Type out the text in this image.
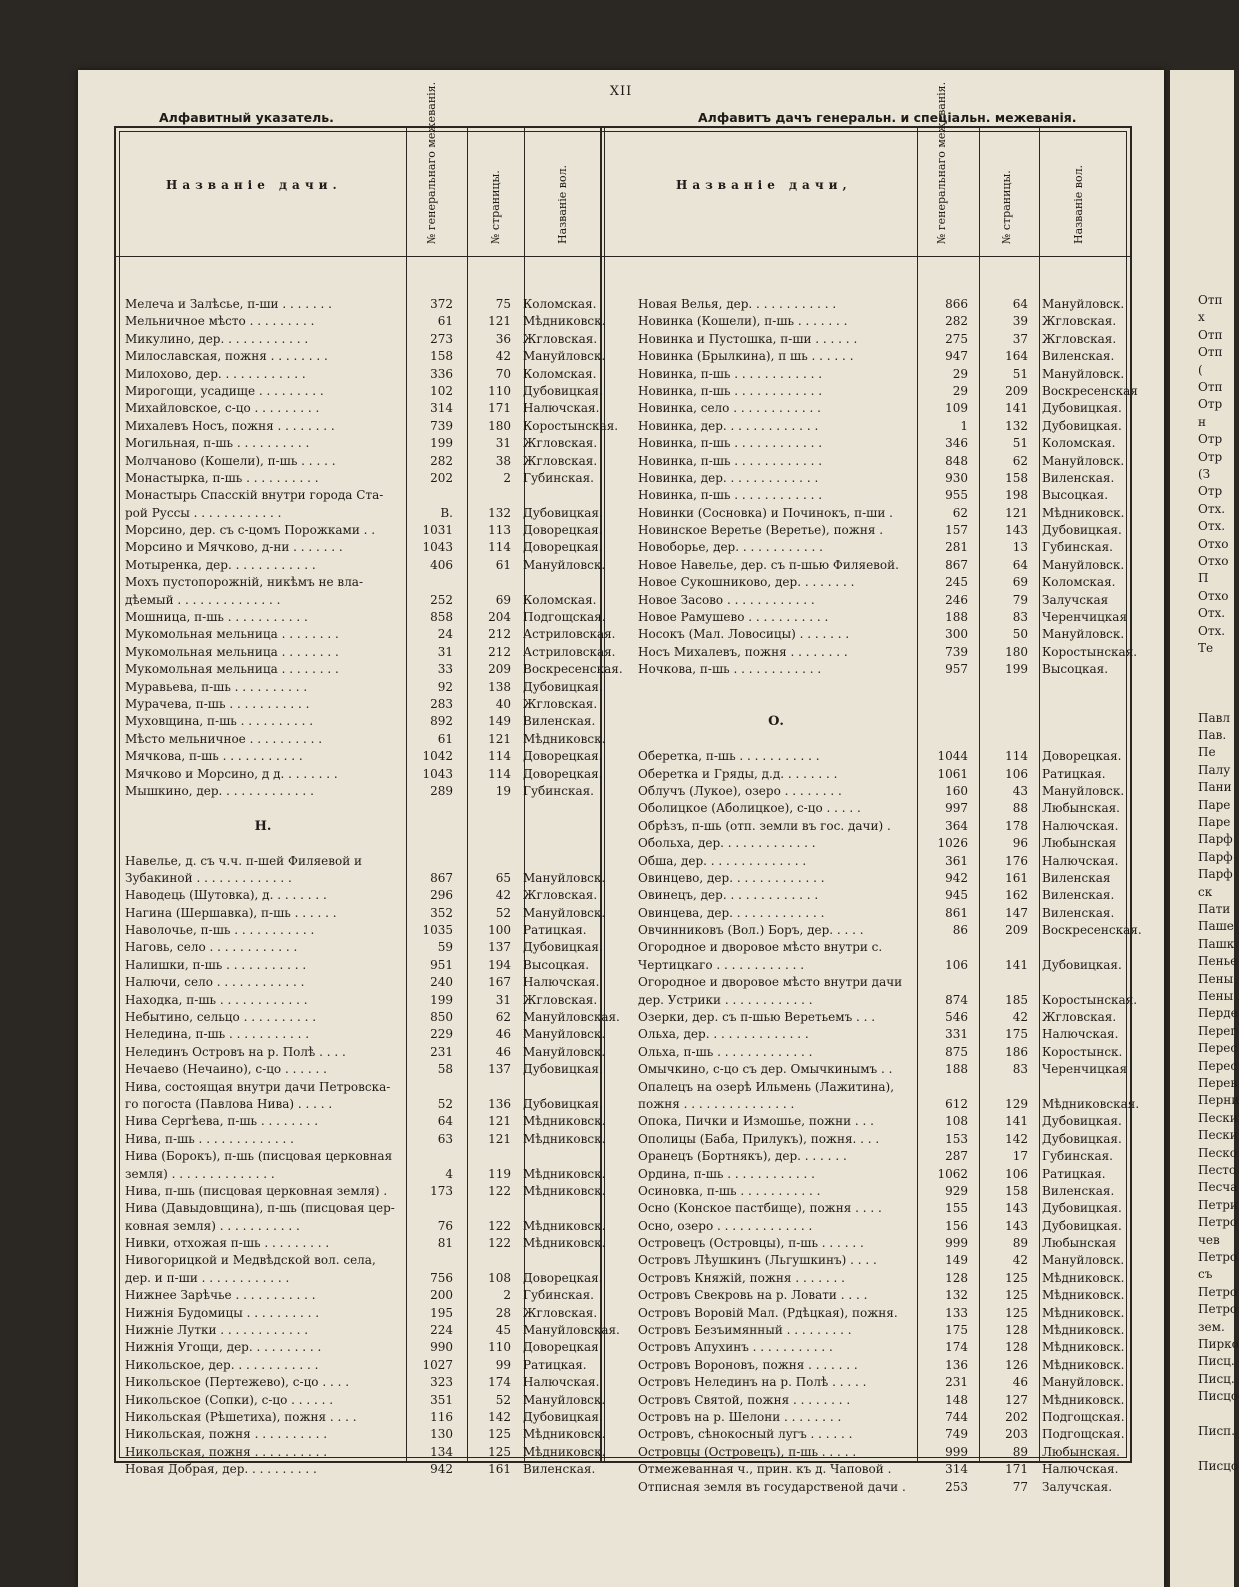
XII
Алфавитный указатель.	Алфавитъ дачъ генеральн. и спеціальн. межеванія.
Названіе дачи.	№ генеральнаго межеванія.	№ страницы.	Названіе вол.	Названіе дачи,	№ генеральнаго межеванія.	№ страницы.	Названіе вол.
Мелеча и Залѣсье, п-ши . . . . . . .	372	75 Коломская.
Мельничное мѣсто . . . . . . . . .	61	121 Мѣдниковск.
Микулино, дер. . . . . . . . . . . .	273	36 Жгловская.
Милославская, пожня . . . . . . . .	158	42 Мануйловск.
Милохово, дер. . . . . . . . . . . .	336	70 Коломская.
Мирогощи, усадище . . . . . . . . .	102	110 Дубовицкая.
Михайловское, с-цо . . . . . . . . .	314	171 Налючская.
Михалевъ Носъ, пожня . . . . . . . .	739	180 Коростынская.
Могильная, п-шь . . . . . . . . . .	199	31 Жгловская.
Молчаново (Кошели), п-шь . . . . .	282	38 Жгловская.
Монастырка, п-шь . . . . . . . . . .	202	2 Губинская.
Монастырь Спасскій внутри города Ста-
рой Руссы . . . . . . . . . . . .	В.	132 Дубовицкая.
Морсино, дер. съ с-цомъ Порожками . .	1031	113 Доворецкая.
Морсино и Мячково, д-ни . . . . . . .	1043	114 Доворецкая.
Мотыренка, дер. . . . . . . . . . . .	406	61 Мануйловск.
Мохъ пустопорожній, никѣмъ не вла-
дѣемый . . . . . . . . . . . . . .	252	69 Коломская.
Мошница, п-шь . . . . . . . . . . .	858	204 Подгощская.
Мукомольная мельница . . . . . . . .	24	212 Астриловская.
Мукомольная мельница . . . . . . . .	31	212 Астриловская.
Мукомольная мельница . . . . . . . .	33	209 Воскресенская.
Муравьева, п-шь . . . . . . . . . .	92	138 Дубовицкая.
Мурачева, п-шь . . . . . . . . . . .	283	40 Жгловская.
Муховщина, п-шь . . . . . . . . . .	892	149 Виленская.
Мѣсто мельничное . . . . . . . . . .	61	121 Мѣдниковск.
Мячкова, п-шь . . . . . . . . . . .	1042	114 Доворецкая.
Мячково и Морсино, д д. . . . . . . .	1043	114 Доворецкая.
Мышкино, дер. . . . . . . . . . . . .	289	19 Губинская.
Н.
Навелье, д. съ ч.ч. п-шей Филяевой и
Зубакиной . . . . . . . . . . . . .	867	65 Мануйловск.
Наводець (Шутовка), д. . . . . . . .	296	42 Жгловская.
Нагина (Шершавка), п-шь . . . . . .	352	52 Мануйловск.
Наволочье, п-шь . . . . . . . . . . .	1035	100 Ратицкая.
Наговь, село . . . . . . . . . . . .	59	137 Дубовицкая.
Налишки, п-шь . . . . . . . . . . .	951	194 Высоцкая.
Налючи, село . . . . . . . . . . . .	240	167 Налючская.
Находка, п-шь . . . . . . . . . . . .	199	31 Жгловская.
Небытино, сельцо . . . . . . . . . .	850	62 Мануйловская.
Неледина, п-шь . . . . . . . . . . .	229	46 Мануйловск.
Нелединъ Островъ на р. Полѣ . . . .	231	46 Мануйловск.
Нечаево (Нечаино), с-цо . . . . . .	58	137 Дубовицкая.
Нива, состоящая внутри дачи Петровска-
го погоста (Павлова Нива) . . . . .	52	136 Дубовицкая.
Нива Сергѣева, п-шь . . . . . . . .	64	121 Мѣдниковск.
Нива, п-шь . . . . . . . . . . . . .	63	121 Мѣдниковск.
Нива (Борокъ), п-шь (писцовая церковная
земля) . . . . . . . . . . . . . .	4	119 Мѣдниковск.
Нива, п-шь (писцовая церковная земля) .	173	122 Мѣдниковск.
Нива (Давыдовщина), п-шь (писцовая цер-
ковная земля) . . . . . . . . . . .	76	122 Мѣдниковск.
Нивки, отхожая п-шь . . . . . . . . .	81	122 Мѣдниковск.
Нивогорицкой и Медвѣдской вол. села,
дер. и п-ши . . . . . . . . . . . .	756	108 Доворецкая.
Нижнее Зарѣчье . . . . . . . . . . .	200	2 Губинская.
Нижнія Будомицы . . . . . . . . . .	195	28 Жгловская.
Нижніе Лутки . . . . . . . . . . . .	224	45 Мануйловская.
Нижнія Угощи, дер. . . . . . . . . .	990	110 Доворецкая
Никольское, дер. . . . . . . . . . . .	1027	99 Ратицкая.
Никольское (Пертежево), с-цо . . . .	323	174 Налючская.
Никольское (Сопки), с-цо . . . . . .	351	52 Мануйловск.
Никольская (Рѣшетиха), пожня . . . .	116	142 Дубовицкая.
Никольская, пожня . . . . . . . . . .	130	125 Мѣдниковск.
Никольская, пожня . . . . . . . . . .	134	125 Мѣдниковск.
Новая Добрая, дер. . . . . . . . . .	942	161 Виленская.
Новая Велья, дер. . . . . . . . . . . .	866	64 Мануйловск.
Новинка (Кошели), п-шь . . . . . . .	282	39 Жгловская.
Новинка и Пустошка, п-ши . . . . . .	275	37 Жгловская.
Новинка (Брылкина), п шь . . . . . .	947	164 Виленская.
Новинка, п-шь . . . . . . . . . . . .	29	51 Мануйловск.
Новинка, п-шь . . . . . . . . . . . .	29	209 Воскресенская
Новинка, село . . . . . . . . . . . .	109	141 Дубовицкая.
Новинка, дер. . . . . . . . . . . . .	1	132 Дубовицкая.
Новинка, п-шь . . . . . . . . . . . .	346	51 Коломская.
Новинка, п-шь . . . . . . . . . . . .	848	62 Мануйловск.
Новинка, дер. . . . . . . . . . . . .	930	158 Виленская.
Новинка, п-шь . . . . . . . . . . . .	955	198 Высоцкая.
Новинки (Сосновка) и Починокъ, п-ши .	62	121 Мѣдниковск.
Новинское Веретье (Веретье), пожня .	157	143 Дубовицкая.
Новоборье, дер. . . . . . . . . . . .	281	13 Губинская.
Новое Навелье, дер. съ п-шью Филяевой.	867	64 Мануйловск.
Новое Сукошниково, дер. . . . . . . .	245	69 Коломская.
Новое Засово . . . . . . . . . . . .	246	79 Залучская
Новое Рамушево . . . . . . . . . . .	188	83 Черенчицкая
Носокъ (Мал. Ловосицы) . . . . . . .	300	50 Мануйловск.
Носъ Михалевъ, пожня . . . . . . . .	739	180 Коростынская.
Ночкова, п-шь . . . . . . . . . . . .	957	199 Высоцкая.
О.
Оберетка, п-шь . . . . . . . . . . .	1044	114 Доворецкая.
Оберетка и Гряды, д.д. . . . . . . .	1061	106 Ратицкая.
Облучъ (Лукое), озеро . . . . . . . .	160	43 Мануйловск.
Оболицкое (Аболицкое), с-цо . . . . .	997	88 Любынская.
Обрѣзъ, п-шь (отп. земли въ гос. дачи) .	364	178 Налючская.
Обольха, дер. . . . . . . . . . . . .	1026	96 Любынская
Обша, дер. . . . . . . . . . . . . .	361	176 Налючская.
Овинцево, дер. . . . . . . . . . . . .	942	161 Виленская
Овинецъ, дер. . . . . . . . . . . . .	945	162 Виленская.
Овинцева, дер. . . . . . . . . . . . .	861	147 Виленская.
Овчинниковъ (Вол.) Боръ, дер. . . . .	86	209 Воскресенская.
Огородное и дворовое мѣсто внутри с.
Чертицкаго . . . . . . . . . . . .	106	141 Дубовицкая.
Огородное и дворовое мѣсто внутри дачи
дер. Устрики . . . . . . . . . . . .	874	185 Коростынская.
Озерки, дер. съ п-шью Веретьемъ . . .	546	42 Жгловская.
Ольха, дер. . . . . . . . . . . . . .	331	175 Налючская.
Ольха, п-шь . . . . . . . . . . . . .	875	186 Коростынск.
Омычкино, с-цо съ дер. Омычкинымъ . .	188	83 Черенчицкая
Опалецъ на озерѣ Ильмень (Лажитина),
пожня . . . . . . . . . . . . . . .	612	129 Мѣдниковская.
Опока, Пички и Измошье, пожни . . .	108	141 Дубовицкая.
Ополицы (Баба, Прилукъ), пожня. . . .	153	142 Дубовицкая.
Оранецъ (Бортнякъ), дер. . . . . . .	287	17 Губинская.
Ордина, п-шь . . . . . . . . . . . .	1062	106 Ратицкая.
Осиновка, п-шь . . . . . . . . . . .	929	158 Виленская.
Осно (Конское пастбище), пожня . . . .	155	143 Дубовицкая.
Осно, озеро . . . . . . . . . . . . .	156	143 Дубовицкая.
Островецъ (Островцы), п-шь . . . . . .	999	89 Любынская
Островъ Лѣушкинъ (Льгушкинъ) . . . .	149	42 Мануйловск.
Островъ Княжій, пожня . . . . . . .	128	125 Мѣдниковск.
Островъ Свекровь на р. Ловати . . . .	132	125 Мѣдниковск.
Островъ Воровій Мал. (Рдѣцкая), пожня.	133	125 Мѣдниковск.
Островъ Безъимянный . . . . . . . . .	175	128 Мѣдниковск.
Островъ Апухинъ . . . . . . . . . . .	174	128 Мѣдниковск.
Островъ Вороновъ, пожня . . . . . . .	136	126 Мѣдниковск.
Островъ Нелединъ на р. Полѣ . . . . .	231	46 Мануйловск.
Островъ Святой, пожня . . . . . . . .	148	127 Мѣдниковск.
Островъ на р. Шелони . . . . . . . .	744	202 Подгощская.
Островъ, сѣнокосный лугъ . . . . . .	749	203 Подгощская.
Островцы (Островецъ), п-шь . . . . .	999	89 Любынская.
Отмежеванная ч., прин. къ д. Чаповой .	314	171 Налючская.
Отписная земля въ государственой дачи .	253	77 Залучская.
Отп
х
Отп
Отп
(
Отп
Отр
н
Отр
Отр
(З
Отр
Отх.
Отх.
Отхо
Отхо
П
Отхо
Отх.
Отх.
Те
Павл
Пав.
Пе
Палу
Пани
Паре
Паре
Парф
Парф
Парф
ск
Пати
Паше
Пашк
Пенье
Пены
Пены
Перде
Перег
Перес
Перес
Перев
Перни
Пески
Пески
Песко
Песто
Песча
Петри
Петро
чев
Петро
съ
Петро
Петро
зем.
Пирко
Писц.
Писц.
Писцо
Писп.
Писцо
